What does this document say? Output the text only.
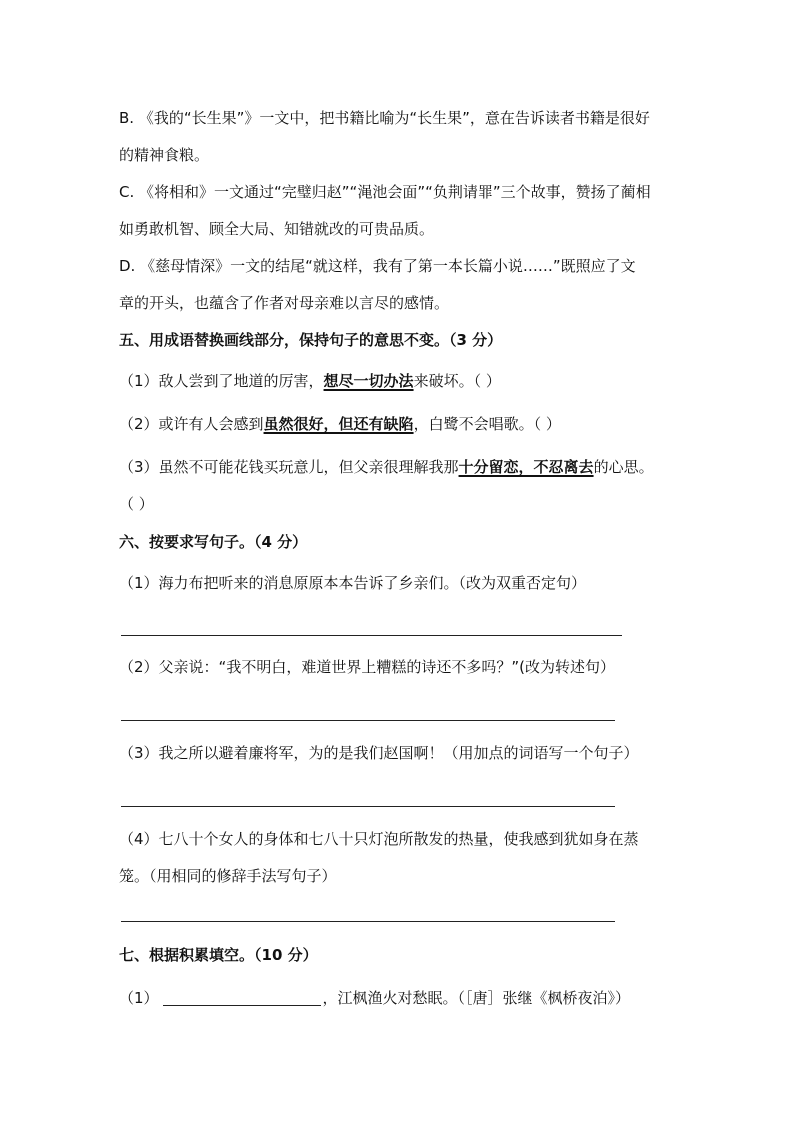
B. 《我的“长生果”》一文中，把书籍比喻为“长生果”，意在告诉读者书籍是很好
的精神食粮。
C. 《将相和》一文通过“完璧归赵”“渑池会面”“负荆请罪”三个故事，赞扬了蔺相
如勇敢机智、顾全大局、知错就改的可贵品质。
D. 《慈母情深》一文的结尾“就这样，我有了第一本长篇小说……”既照应了文
章的开头，也蕴含了作者对母亲难以言尽的感情。
五、用成语替换画线部分，保持句子的意思不变。（3 分）
（1）敌人尝到了地道的厉害，想尽一切办法来破坏。（ ）
（2）或许有人会感到虽然很好，但还有缺陷，白鹭不会唱歌。（ ）
（3）虽然不可能花钱买玩意儿，但父亲很理解我那十分留恋，不忍离去的心思。
（ ）
六、按要求写句子。（4 分）
（1）海力布把听来的消息原原本本告诉了乡亲们。（改为双重否定句）
（2）父亲说：“我不明白，难道世界上糟糕的诗还不多吗？”(改为转述句）
（3）我之所以避着廉将军，为的是我们赵国啊！（用加点的词语写一个句子）
（4）七八十个女人的身体和七八十只灯泡所散发的热量，使我感到犹如身在蒸
笼。（用相同的修辞手法写句子）
七、根据积累填空。（10 分）
（1）	，江枫渔火对愁眠。（［唐］张继《枫桥夜泊》）
